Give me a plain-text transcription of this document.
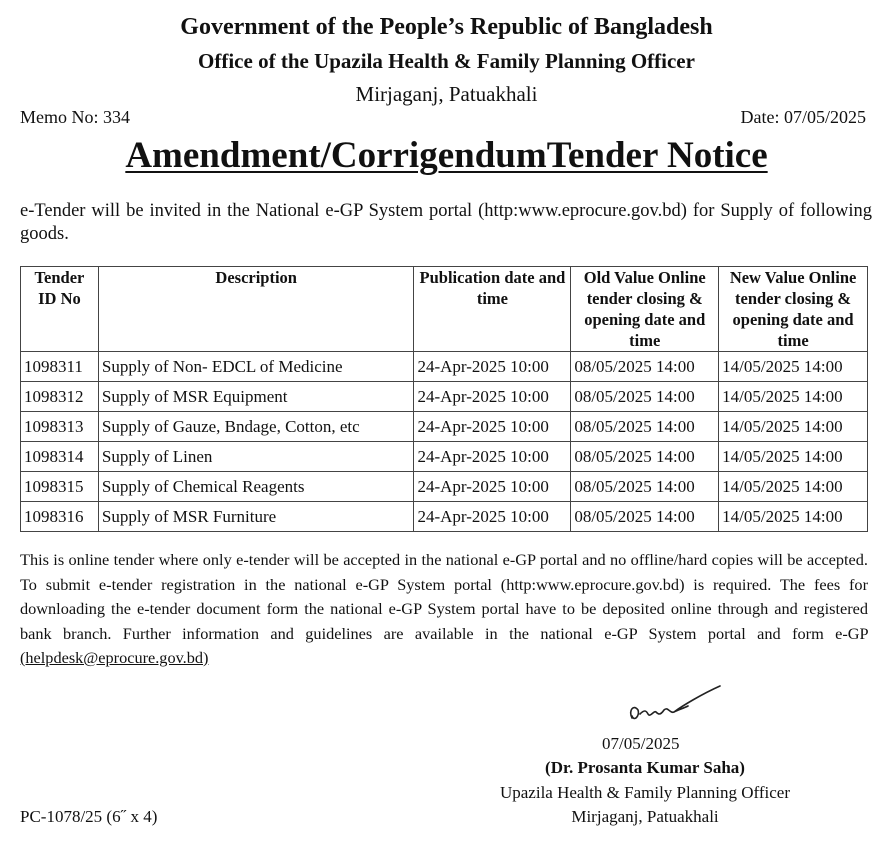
Government of the People’s Republic of Bangladesh
Office of the Upazila Health & Family Planning Officer
Mirjaganj, Patuakhali
Memo No: 334	Date: 07/05/2025
Amendment/CorrigendumTender Notice
e-Tender will be invited in the National e-GP System portal (http:www.eprocure.gov.bd) for Supply of following goods.
Tender ID No	Description	Publication date and time	Old Value Online tender closing & opening date and time	New Value Online tender closing & opening date and time
1098311	Supply of Non- EDCL of Medicine	24-Apr-2025 10:00	08/05/2025 14:00	14/05/2025 14:00
1098312	Supply of MSR Equipment	24-Apr-2025 10:00	08/05/2025 14:00	14/05/2025 14:00
1098313	Supply of Gauze, Bndage, Cotton, etc	24-Apr-2025 10:00	08/05/2025 14:00	14/05/2025 14:00
1098314	Supply of Linen	24-Apr-2025 10:00	08/05/2025 14:00	14/05/2025 14:00
1098315	Supply of Chemical Reagents	24-Apr-2025 10:00	08/05/2025 14:00	14/05/2025 14:00
1098316	Supply of MSR Furniture	24-Apr-2025 10:00	08/05/2025 14:00	14/05/2025 14:00
This is online tender where only e-tender will be accepted in the national e-GP portal and no offline/hard copies will be accepted. To submit e-tender registration in the national e-GP System portal (http:www.eprocure.gov.bd) is required. The fees for downloading the e-tender document form the national e-GP System portal have to be deposited online through and registered bank branch. Further information and guidelines are available in the national e-GP System portal and form e-GP (helpdesk@eprocure.gov.bd)
07/05/2025
(Dr. Prosanta Kumar Saha)
Upazila Health & Family Planning Officer
Mirjaganj, Patuakhali
PC-1078/25 (6˝ x 4)
